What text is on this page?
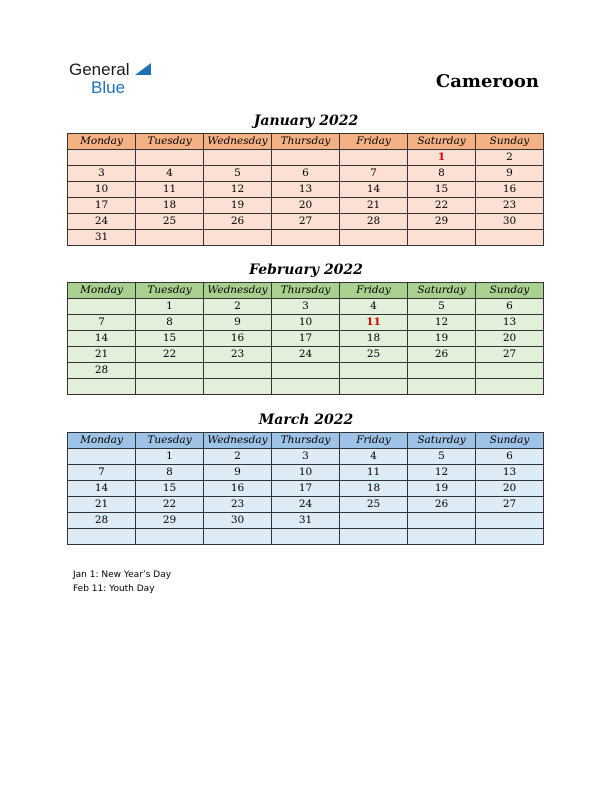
General
Blue	Cameroon
January 2022
Monday	Tuesday	Wednesday	Thursday	Friday	Saturday	Sunday
					1	2
3	4	5	6	7	8	9
10	11	12	13	14	15	16
17	18	19	20	21	22	23
24	25	26	27	28	29	30
31						
February 2022
Monday	Tuesday	Wednesday	Thursday	Friday	Saturday	Sunday
	1	2	3	4	5	6
7	8	9	10	11	12	13
14	15	16	17	18	19	20
21	22	23	24	25	26	27
28						

March 2022
Monday	Tuesday	Wednesday	Thursday	Friday	Saturday	Sunday
	1	2	3	4	5	6
7	8	9	10	11	12	13
14	15	16	17	18	19	20
21	22	23	24	25	26	27
28	29	30	31			

Jan 1: New Year’s Day
Feb 11: Youth Day
